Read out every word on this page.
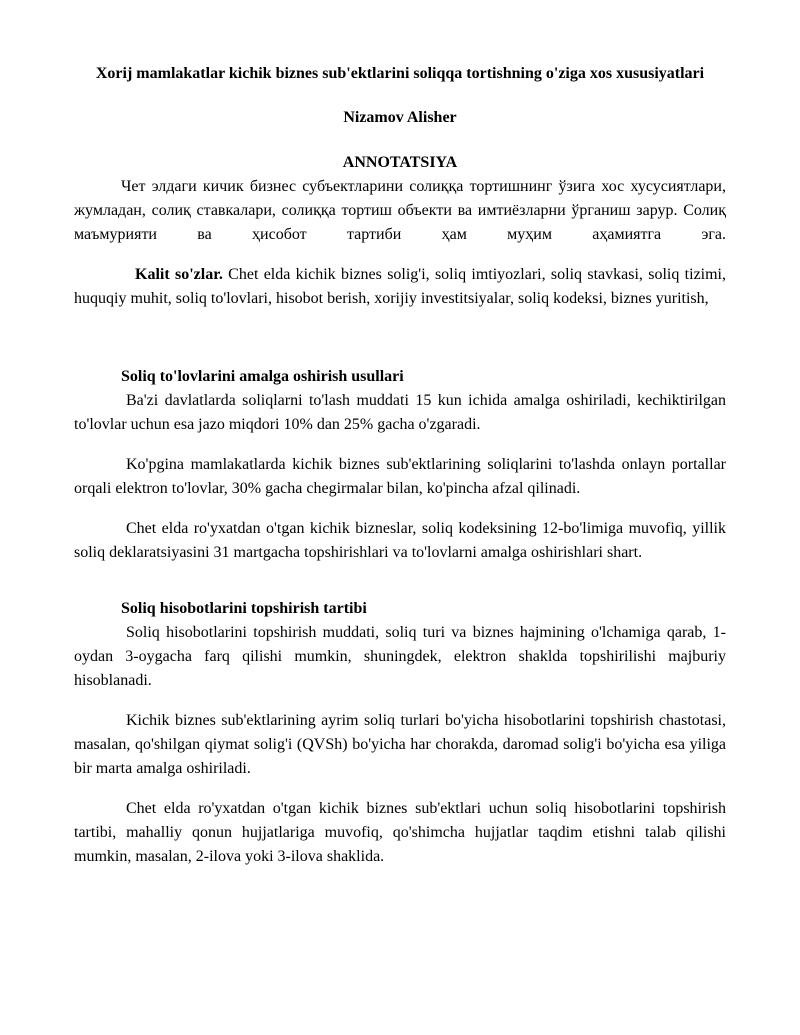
Xorij mamlakatlar kichik biznes sub'ektlarini soliqqa tortishning o'ziga xos xususiyatlari

Nizamov Alisher

ANNOTATSIYA

Чет элдаги кичик бизнес субъектларини солиққа тортишнинг ўзига хос хусусиятлари, жумладан, солиқ ставкалари, солиққа тортиш объекти ва имтиёзларни ўрганиш зарур. Солиқ маъмурияти ва ҳисобот тартиби ҳам муҳим аҳамиятга эга.

Kalit so'zlar. Chet elda kichik biznes solig'i, soliq imtiyozlari, soliq stavkasi, soliq tizimi, huquqiy muhit, soliq to'lovlari, hisobot berish, xorijiy investitsiyalar, soliq kodeksi, biznes yuritish,

Soliq to'lovlarini amalga oshirish usullari

Ba'zi davlatlarda soliqlarni to'lash muddati 15 kun ichida amalga oshiriladi, kechiktirilgan to'lovlar uchun esa jazo miqdori 10% dan 25% gacha o'zgaradi.

Ko'pgina mamlakatlarda kichik biznes sub'ektlarining soliqlarini to'lashda onlayn portallar orqali elektron to'lovlar, 30% gacha chegirmalar bilan, ko'pincha afzal qilinadi.

Chet elda ro'yxatdan o'tgan kichik bizneslar, soliq kodeksining 12-bo'limiga muvofiq, yillik soliq deklaratsiyasini 31 martgacha topshirishlari va to'lovlarni amalga oshirishlari shart.

Soliq hisobotlarini topshirish tartibi

Soliq hisobotlarini topshirish muddati, soliq turi va biznes hajmining o'lchamiga qarab, 1-oydan 3-oygacha farq qilishi mumkin, shuningdek, elektron shaklda topshirilishi majburiy hisoblanadi.

Kichik biznes sub'ektlarining ayrim soliq turlari bo'yicha hisobotlarini topshirish chastotasi, masalan, qo'shilgan qiymat solig'i (QVSh) bo'yicha har chorakda, daromad solig'i bo'yicha esa yiliga bir marta amalga oshiriladi.

Chet elda ro'yxatdan o'tgan kichik biznes sub'ektlari uchun soliq hisobotlarini topshirish tartibi, mahalliy qonun hujjatlariga muvofiq, qo'shimcha hujjatlar taqdim etishni talab qilishi mumkin, masalan, 2-ilova yoki 3-ilova shaklida.
